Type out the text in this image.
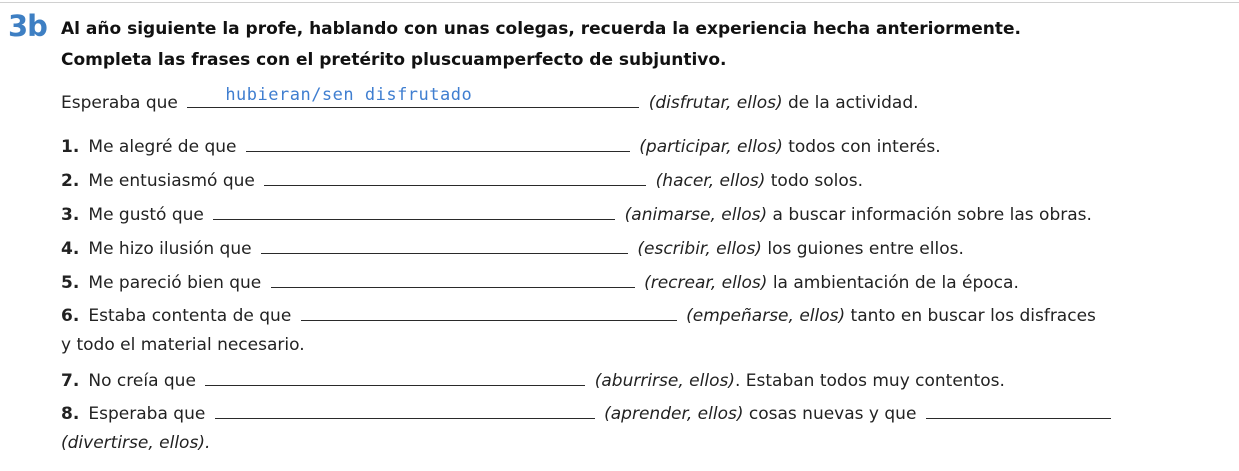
3b Al año siguiente la profe, hablando con unas colegas, recuerda la experiencia hecha anteriormente.
Completa las frases con el pretérito pluscuamperfecto de subjuntivo.
Esperaba que	hubieran/sen disfrutado	(disfrutar, ellos) de la actividad.
1. Me alegré de que	(participar, ellos) todos con interés.
2. Me entusiasmó que	(hacer, ellos) todo solos.
3. Me gustó que	(animarse, ellos) a buscar información sobre las obras.
4. Me hizo ilusión que	(escribir, ellos) los guiones entre ellos.
5. Me pareció bien que	(recrear, ellos) la ambientación de la época.
6. Estaba contenta de que	(empeñarse, ellos) tanto en buscar los disfraces
y todo el material necesario.
7. No creía que	(aburrirse, ellos). Estaban todos muy contentos.
8. Esperaba que	(aprender, ellos) cosas nuevas y que
(divertirse, ellos).
